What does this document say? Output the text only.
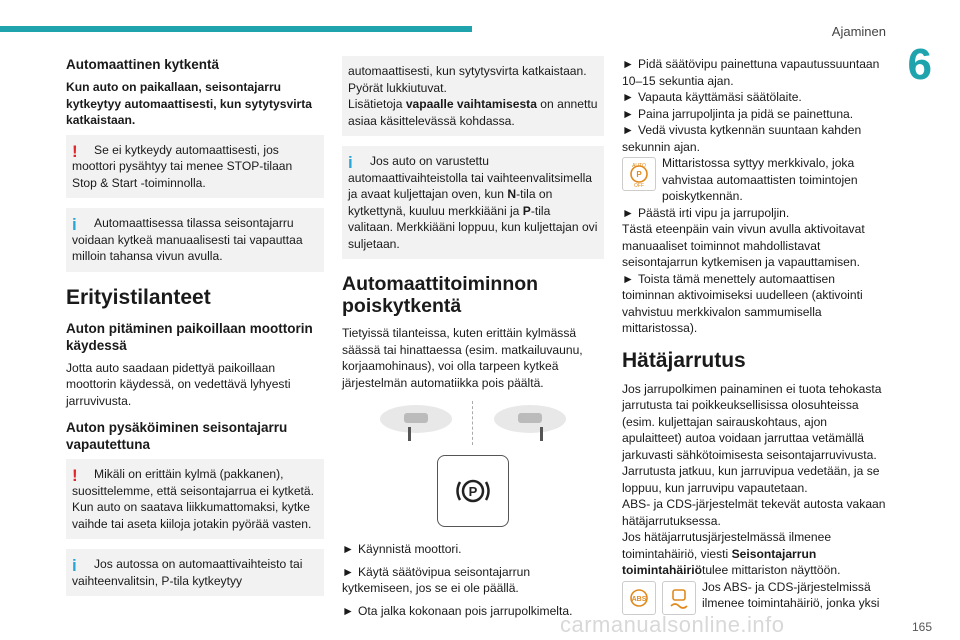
Ajaminen
6
Automaattinen kytkentä

Kun auto on paikallaan, seisontajarru kytkeytyy automaattisesti, kun sytytysvirta katkaistaan.

!	Se ei kytkeydy automaattisesti, jos moottori pysähtyy tai menee STOP-tilaan Stop & Start -toiminnolla.

i	Automaattisessa tilassa seisontajarru voidaan kytkeä manuaalisesti tai vapauttaa milloin tahansa vivun avulla.

Erityistilanteet
Auton pitäminen paikoillaan moottorin käydessä

Jotta auto saadaan pidettyä paikoillaan moottorin käydessä, on vedettävä lyhyesti jarruvivusta.

Auton pysäköiminen seisontajarru vapautettuna
!	Mikäli on erittäin kylmä (pakkanen), suosittelemme, että seisontajarrua ei kytketä.

Kun auto on saatava liikkumattomaksi, kytke vaihde tai aseta kiiloja jotakin pyörää vasten.
i	Jos autossa on automaattivaihteisto tai vaihteenvalitsin, P-tila kytkeytyy

automaattisesti, kun sytytysvirta katkaistaan.
Pyörät lukkiutuvat.
Lisätietoja vapaalle vaihtamisesta on annettu asiaa käsittelevässä kohdassa.
i	Jos auto on varustettu automaattivaihteistolla tai vaihteenvalitsimella ja avaat kuljettajan oven, kun N-tila on kytkettynä, kuuluu merkkiääni ja P-tila valitaan. Merkkiääni loppuu, kun kuljettajan ovi suljetaan.

Automaattitoiminnon poiskytkentä

Tietyissä tilanteissa, kuten erittäin kylmässä säässä tai hinattaessa (esim. matkailuvaunu, korjaamohinaus), voi olla tarpeen kytkeä järjestelmän automatiikka pois päältä.

P

► Käynnistä moottori.

► Käytä säätövipua seisontajarrun kytkemiseen, jos se ei ole päällä.

► Ota jalka kokonaan pois jarrupolkimelta.

► Pidä säätövipu painettuna vapautussuuntaan 10–15 sekuntia ajan.

► Vapauta käyttämäsi säätölaite.

► Paina jarrupoljinta ja pidä se painettuna.

► Vedä vivusta kytkennän suuntaan kahden sekunnin ajan.

AUTO
P
OFF
Mittaristossa syttyy merkkivalo, joka vahvistaa automaattisten toimintojen poiskytkennän.

► Päästä irti vipu ja jarrupoljin.

Tästä eteenpäin vain vivun avulla aktivoitavat manuaaliset toiminnot mahdollistavat seisontajarrun kytkemisen ja vapauttamisen.

► Toista tämä menettely automaattisen toiminnan aktivoimiseksi uudelleen (aktivointi vahvistuu merkkivalon sammumisella mittaristossa).

Hätäjarrutus

Jos jarrupolkimen painaminen ei tuota tehokasta jarrutusta tai poikkeuksellisissa olosuhteissa (esim. kuljettajan sairauskohtaus, ajon apulaitteet) autoa voidaan jarruttaa vetämällä jarkuvasti sähkötoimisesta seisontajarruvivusta. Jarrutusta jatkuu, kun jarruvipua vedetään, ja se loppuu, kun jarruvipu vapautetaan.

ABS- ja CDS-järjestelmät tekevät autosta vakaan hätäjarrutuksessa.

Jos hätäjarrutusjärjestelmässä ilmenee toimintahäiriö, viesti Seisontajarrun toimintahäiriötulee mittariston näyttöön.

ABS
Jos ABS- ja CDS-järjestelmissä ilmenee toimintahäiriö, jonka yksi
carmanualsonline.info	165
